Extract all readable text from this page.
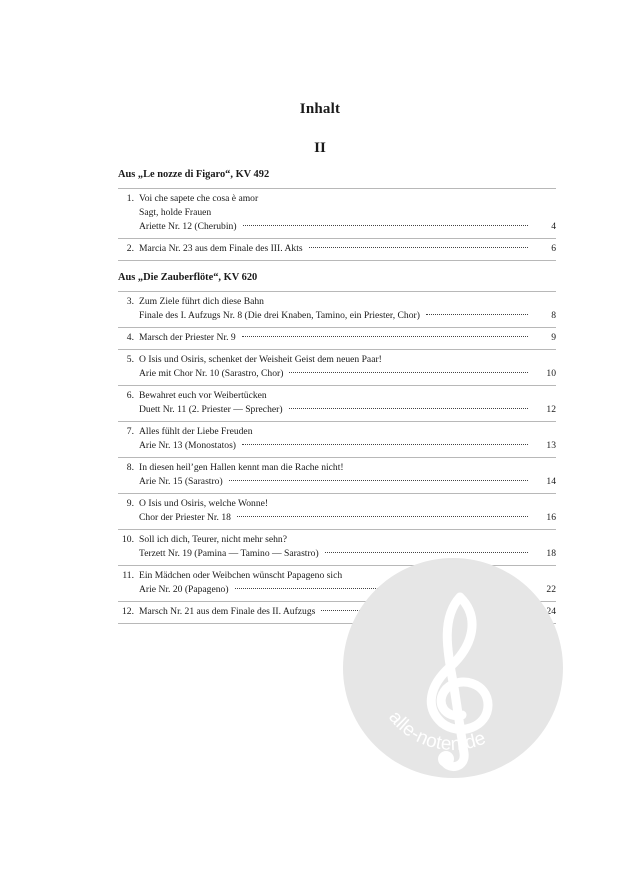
Inhalt
II
Aus „Le nozze di Figaro“, KV 492
1. Voi che sapete che cosa è amor
Sagt, holde Frauen
Ariette Nr. 12 (Cherubin)	4
2. Marcia Nr. 23 aus dem Finale des III. Akts	6
Aus „Die Zauberflöte“, KV 620
3. Zum Ziele führt dich diese Bahn
Finale des I. Aufzugs Nr. 8 (Die drei Knaben, Tamino, ein Priester, Chor)	8
4. Marsch der Priester Nr. 9	9
5. O Isis und Osiris, schenket der Weisheit Geist dem neuen Paar!
Arie mit Chor Nr. 10 (Sarastro, Chor)	10
6. Bewahret euch vor Weibertücken
Duett Nr. 11 (2. Priester — Sprecher)	12
7. Alles fühlt der Liebe Freuden
Arie Nr. 13 (Monostatos)	13
8. In diesen heil’gen Hallen kennt man die Rache nicht!
Arie Nr. 15 (Sarastro)	14
9. O Isis und Osiris, welche Wonne!
Chor der Priester Nr. 18	16
10. Soll ich dich, Teurer, nicht mehr sehn?
Terzett Nr. 19 (Pamina — Tamino — Sarastro)	18
11. Ein Mädchen oder Weibchen wünscht Papageno sich
Arie Nr. 20 (Papageno)	22
12. Marsch Nr. 21 aus dem Finale des II. Aufzugs	24
alle-noten.de
